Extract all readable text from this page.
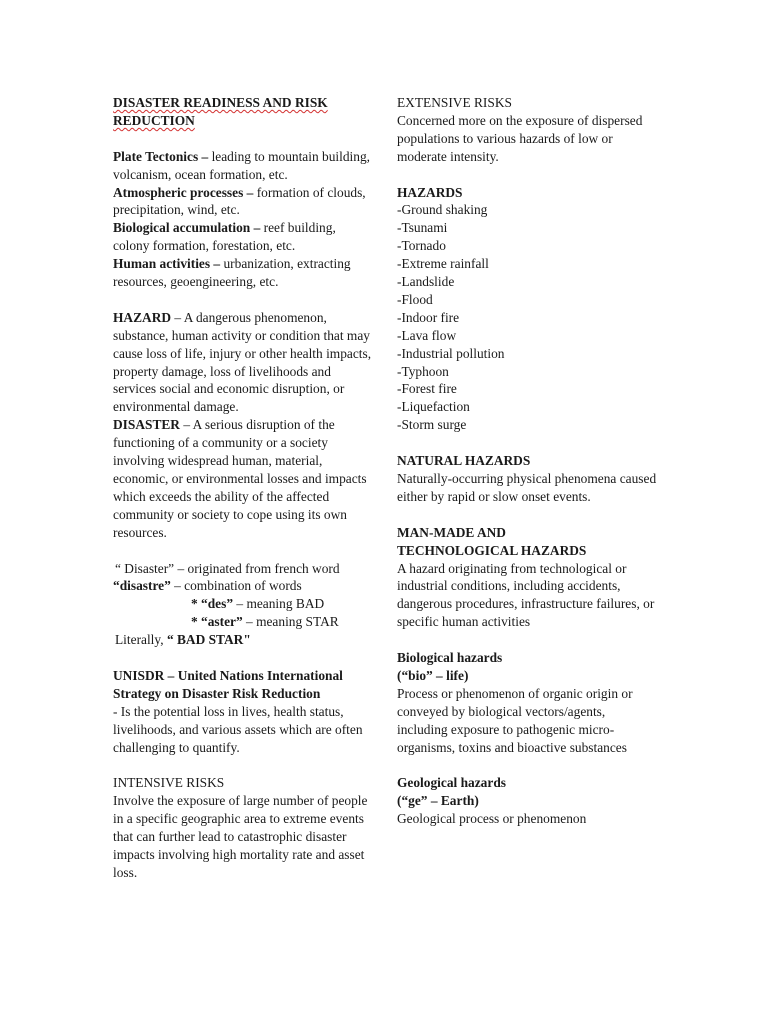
DISASTER READINESS AND RISK
REDUCTION

Plate Tectonics – leading to mountain building, volcanism, ocean formation, etc.

Atmospheric processes – formation of clouds, precipitation, wind, etc.

Biological accumulation – reef building, colony formation, forestation, etc.

Human activities – urbanization, extracting resources, geoengineering, etc.

HAZARD – A dangerous phenomenon, substance, human activity or condition that may cause loss of life, injury or other health impacts, property damage, loss of livelihoods and services social and economic disruption, or environmental damage.

DISASTER – A serious disruption of the functioning of a community or a society involving widespread human, material, economic, or environmental losses and impacts which exceeds the ability of the affected community or society to cope using its own resources.

“ Disaster” – originated from french word

“disastre” – combination of words

* “des” – meaning BAD

* “aster” – meaning STAR

Literally, “ BAD STAR"

UNISDR – United Nations International Strategy on Disaster Risk Reduction

- Is the potential loss in lives, health status, livelihoods, and various assets which are often challenging to quantify.

INTENSIVE RISKS

Involve the exposure of large number of people in a specific geographic area to extreme events that can further lead to catastrophic disaster impacts involving high mortality rate and asset loss.

EXTENSIVE RISKS

Concerned more on the exposure of dispersed populations to various hazards of low or moderate intensity.

HAZARDS

-Ground shaking
-Tsunami
-Tornado
-Extreme rainfall
-Landslide
-Flood
-Indoor fire
-Lava flow
-Industrial pollution
-Typhoon
-Forest fire
-Liquefaction
-Storm surge

NATURAL HAZARDS

Naturally-occurring physical phenomena caused either by rapid or slow onset events.

MAN-MADE AND
TECHNOLOGICAL HAZARDS

A hazard originating from technological or industrial conditions, including accidents, dangerous procedures, infrastructure failures, or specific human activities

Biological hazards

(“bio” – life)

Process or phenomenon of organic origin or conveyed by biological vectors/agents, including exposure to pathogenic micro-organisms, toxins and bioactive substances

Geological hazards

(“ge” – Earth)

Geological process or phenomenon
